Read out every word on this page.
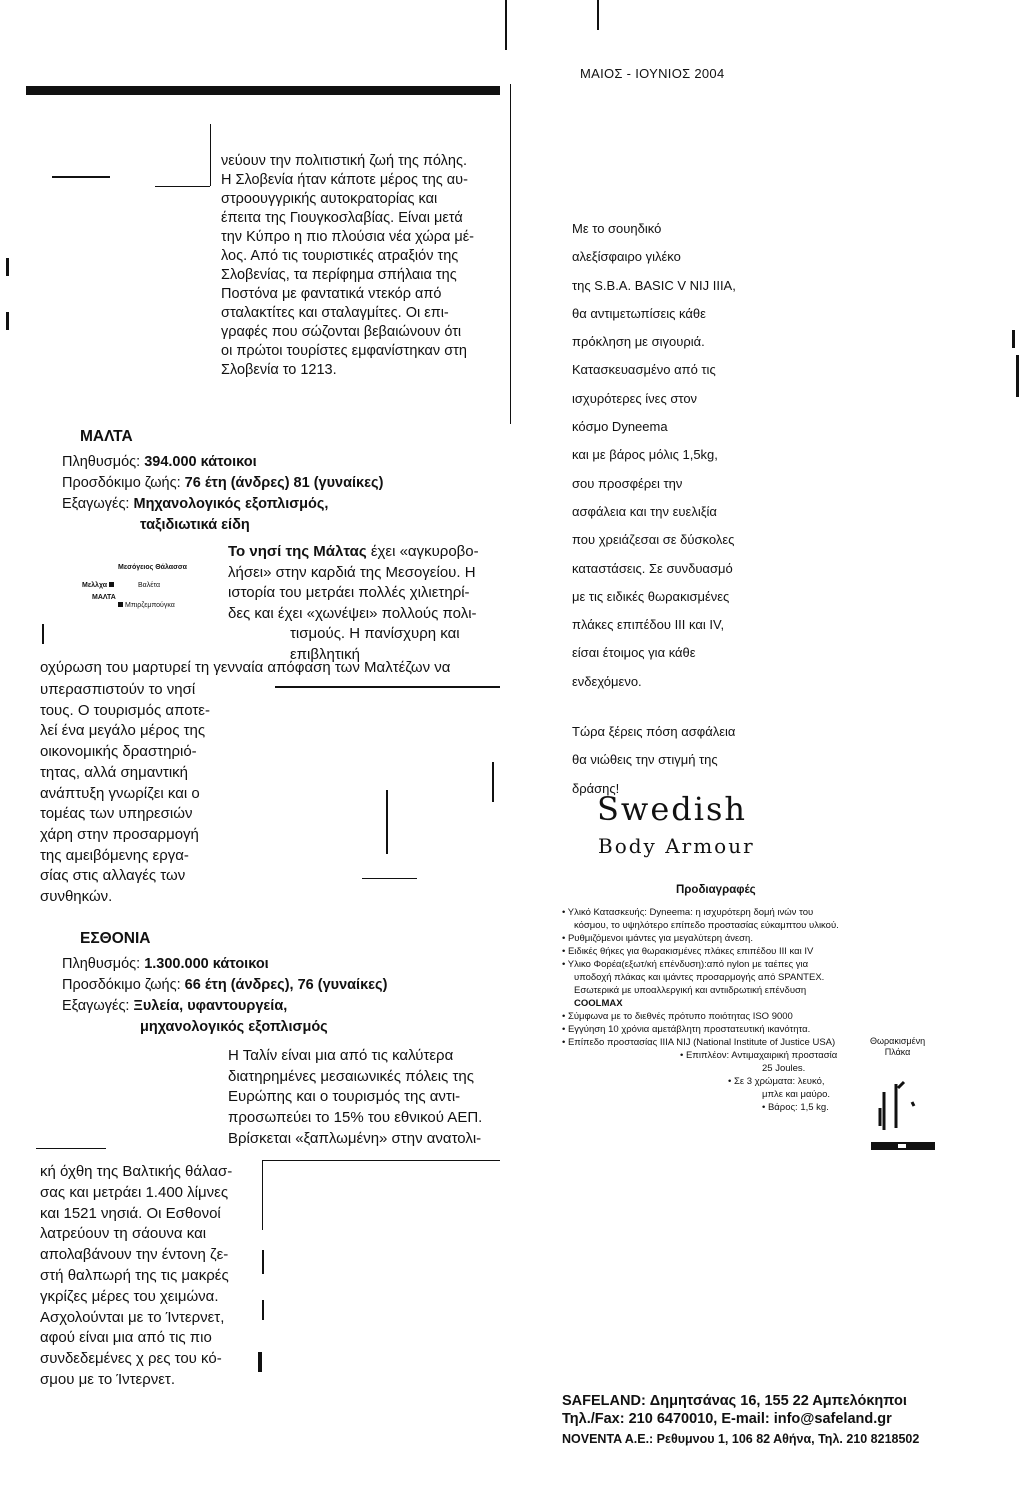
ΜΑΙΟΣ - ΙΟΥΝΙΟΣ 2004

νεύουν την πολιτιστική ζωή της πόλης.

Η Σλοβενία ήταν κάποτε μέρος της αυ-

στροουγγρικής αυτοκρατορίας και

έπειτα της Γιουγκοσλαβίας. Είναι μετά

την Κύπρο η πιο πλούσια νέα χώρα μέ-

λος. Από τις τουριστικές ατραξιόν της

Σλοβενίας, τα περίφημα σπήλαια της

Ποστόνα με φαντατικά ντεκόρ από

σταλακτίτες και σταλαγμίτες. Οι επι-

γραφές που σώζονται βεβαιώνουν ότι

οι πρώτοι τουρίστες εμφανίστηκαν στη

Σλοβενία το 1213.

ΜΑΛΤΑ
Πληθυσμός: 394.000 κάτοικοι
Προσδόκιμο ζωής: 76 έτη (άνδρες) 81 (γυναίκες)
Εξαγωγές: Μηχανολογικός εξοπλισμός,
ταξιδιωτικά είδη
Μεσόγειος Θάλασσα
Μελλχα	Βαλέτα
ΜΑΛΤΑ
Μπιρζεμπούγκα

Το νησί της Μάλτας έχει «αγκυροβο-

λήσει» στην καρδιά της Μεσογείου. Η

ιστορία του μετράει πολλές χιλιετηρί-

δες και έχει «χωνέψει» πολλούς πολι-

τισμούς. Η πανίσχυρη και επιβλητική

οχύρωση του μαρτυρεί τη γενναία απόφαση των Μαλτέζων να

υπερασπιστούν το νησί

τους. Ο τουρισμός αποτε-

λεί ένα μεγάλο μέρος της

οικονομικής δραστηριό-

τητας, αλλά σημαντική

ανάπτυξη γνωρίζει και ο

τομέας των υπηρεσιών

χάρη στην προσαρμογή

της αμειβόμενης εργα-

σίας στις αλλαγές των

συνθηκών.

ΕΣΘΟΝΙΑ
Πληθυσμός: 1.300.000 κάτοικοι
Προσδόκιμο ζωής: 66 έτη (άνδρες), 76 (γυναίκες)
Εξαγωγές: Ξυλεία, υφαντουργεία,
μηχανολογικός εξοπλισμός

Η Ταλίν είναι μια από τις καλύτερα

διατηρημένες μεσαιωνικές πόλεις της

Ευρώπης και ο τουρισμός της αντι-

προσωπεύει το 15% του εθνικού ΑΕΠ.

Βρίσκεται «ξαπλωμένη» στην ανατολι-

κή όχθη της Βαλτικής θάλασ-

σας και μετράει 1.400 λίμνες

και 1521 νησιά. Οι Εσθονοί

λατρεύουν τη σάουνα και

απολαβάνουν την έντονη ζε-

στή θαλπωρή της τις μακρές

γκρίζες μέρες του χειμώνα.

Ασχολούνται με το Ίντερνετ,

αφού είναι μια από τις πιο

συνδεδεμένες χ ρες του κό-

σμου με το Ίντερνετ.

Με το σουηδικό

αλεξίσφαιρο γιλέκο

της S.B.A. BASIC V NIJ IIIA,

θα αντιμετωπίσεις κάθε

πρόκληση με σιγουριά.

Κατασκευασμένο από τις

ισχυρότερες ίνες στον

κόσμο Dyneema

και με βάρος μόλις 1,5kg,

σου προσφέρει την

ασφάλεια και την ευελιξία

που χρειάζεσαι σε δύσκολες

καταστάσεις. Σε συνδυασμό

με τις ειδικές θωρακισμένες

πλάκες επιπέδου III και IV,

είσαι έτοιμος για κάθε

ενδεχόμενο.

Τώρα ξέρεις πόση ασφάλεια

θα νιώθεις την στιγμή της

δράσης!

Swedish
Body Armour
Προδιαγραφές

• Υλικό Κατασκευής: Dyneema: η ισχυρότερη δομή ινών του

κόσμου, το υψηλότερο επίπεδο προστασίας εύκαμπτου υλικού.

• Ρυθμιζόμενοι ιμάντες για μεγαλύτερη άνεση.

• Ειδικές θήκες για θωρακισμένες πλάκες επιπέδου III και IV

• Υλικο Φορέα(εξωτ/κή επένδυση):από nylon με ταέπες για

υποδοχή πλάκας και ιμάντες προσαρμογής από SPANTEX.

Εσωτερικά με υποαλλεργική και αντιιδρωτική επένδυση

COOLMAX

• Σύμφωνα με το διεθνές πρότυπο ποιότητας ISO 9000

• Εγγύηση 10 χρόνια αμετάβλητη προστατευτική ικανότητα.

• Επίπεδο προστασίας IIIA NIJ (National Institute of Justice USA)

• Επιπλέον: Αντιμαχαιρική προστασία

25 Joules.

• Σε 3 χρώματα: λευκό,

μπλε και μαύρο.

• Βάρος: 1,5 kg.

Θωρακισμένη

Πλάκα

SAFELAND: Δημητσάνας 16, 155 22 Αμπελόκηποι
Τηλ./Fax: 210 6470010, E-mail: info@safeland.gr
NOVENTA A.E.: Ρεθυμνου 1, 106 82 Αθήνα, Τηλ. 210 8218502
